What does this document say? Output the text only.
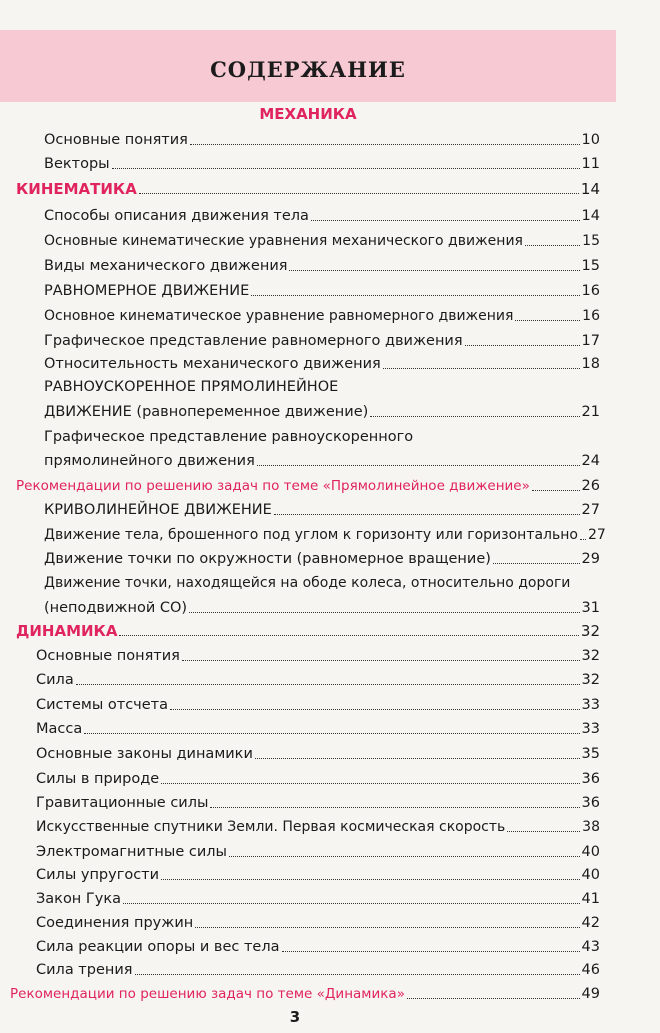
СОДЕРЖАНИЕ
МЕХАНИКА
Основные понятия	10
Векторы	11
КИНЕМАТИКА	14
Способы описания движения тела	14
Основные кинематические уравнения механического движения	15
Виды механического движения	15
РАВНОМЕРНОЕ ДВИЖЕНИЕ	16
Основное кинематическое уравнение равномерного движения	16
Графическое представление равномерного движения	17
Относительность механического движения	18
РАВНОУСКОРЕННОЕ ПРЯМОЛИНЕЙНОЕ
ДВИЖЕНИЕ (равнопеременное движение)	21
Графическое представление равноускоренного
прямолинейного движения	24
Рекомендации по решению задач по теме «Прямолинейное движение»	26
КРИВОЛИНЕЙНОЕ ДВИЖЕНИЕ	27
Движение тела, брошенного под углом к горизонту или горизонтально 27
Движение точки по окружности (равномерное вращение)	29
Движение точки, находящейся на ободе колеса, относительно дороги
(неподвижной СО)	31
ДИНАМИКА	32
Основные понятия	32
Сила	32
Системы отсчета	33
Масса	33
Основные законы динамики	35
Силы в природе	36
Гравитационные силы	36
Искусственные спутники Земли. Первая космическая скорость	38
Электромагнитные силы	40
Силы упругости	40
Закон Гука	41
Соединения пружин	42
Сила реакции опоры и вес тела	43
Сила трения	46
Рекомендации по решению задач по теме «Динамика»	49
3
